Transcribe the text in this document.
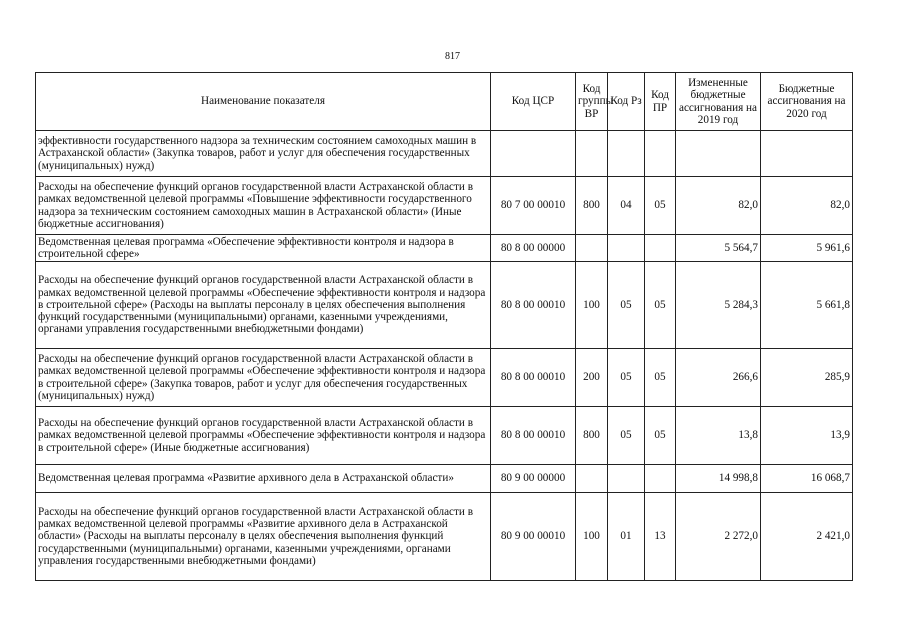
817
Наименование показателя	Код ЦСР	Код группы ВР	Код Рз	Код ПР	Измененные бюджетные ассигнования на 2019 год	Бюджетные ассигнования на 2020 год
эффективности государственного надзора за техническим состоянием самоходных машин в Астраханской области» (Закупка товаров, работ и услуг для обеспечения государственных (муниципальных) нужд)						
Расходы на обеспечение функций органов государственной власти Астраханской области в рамках ведомственной целевой программы «Повышение эффективности государственного надзора за техническим состоянием самоходных машин в Астраханской области» (Иные бюджетные ассигнования)	80 7 00 00010	800	04	05	82,0	82,0
Ведомственная целевая программа «Обеспечение эффективности контроля и надзора в строительной сфере»	80 8 00 00000				5 564,7	5 961,6
Расходы на обеспечение функций органов государственной власти Астраханской области в рамках ведомственной целевой программы «Обеспечение эффективности контроля и надзора в строительной сфере» (Расходы на выплаты персоналу в целях обеспечения выполнения функций государственными (муниципальными) органами, казенными учреждениями, органами управления государственными внебюджетными фондами)	80 8 00 00010	100	05	05	5 284,3	5 661,8
Расходы на обеспечение функций органов государственной власти Астраханской области в рамках ведомственной целевой программы «Обеспечение эффективности контроля и надзора в строительной сфере» (Закупка товаров, работ и услуг для обеспечения государственных (муниципальных) нужд)	80 8 00 00010	200	05	05	266,6	285,9
Расходы на обеспечение функций органов государственной власти Астраханской области в рамках ведомственной целевой программы «Обеспечение эффективности контроля и надзора в строительной сфере» (Иные бюджетные ассигнования)	80 8 00 00010	800	05	05	13,8	13,9
Ведомственная целевая программа «Развитие архивного дела в Астраханской области»	80 9 00 00000				14 998,8	16 068,7
Расходы на обеспечение функций органов государственной власти Астраханской области в рамках ведомственной целевой программы «Развитие архивного дела в Астраханской области» (Расходы на выплаты персоналу в целях обеспечения выполнения функций государственными (муниципальными) органами, казенными учреждениями, органами управления государственными внебюджетными фондами)	80 9 00 00010	100	01	13	2 272,0	2 421,0
